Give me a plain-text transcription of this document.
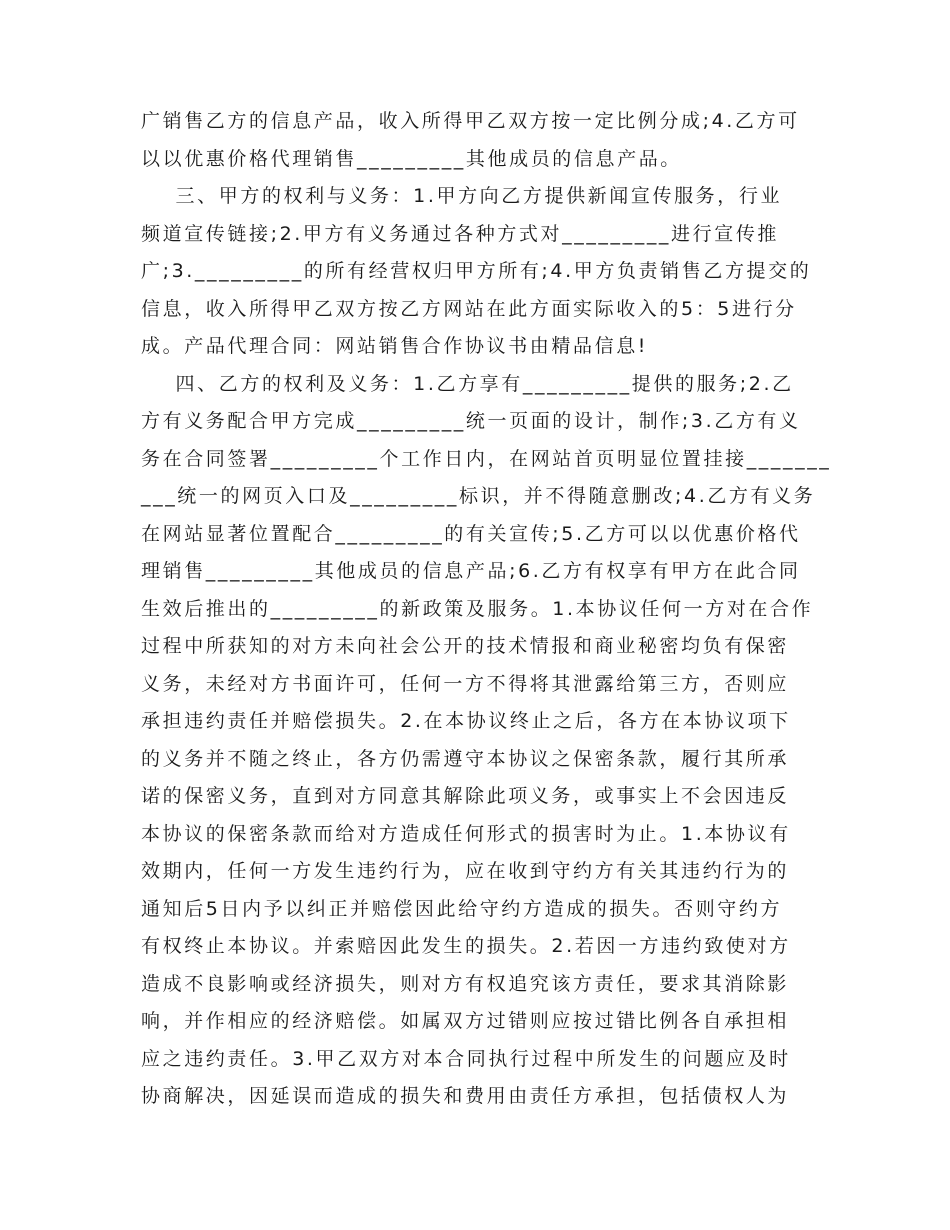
广销售乙方的信息产品，收入所得甲乙双方按一定比例分成;4.乙方可
以以优惠价格代理销售_________其他成员的信息产品。
三、甲方的权利与义务：1.甲方向乙方提供新闻宣传服务，行业
频道宣传链接;2.甲方有义务通过各种方式对_________进行宣传推
广;3._________的所有经营权归甲方所有;4.甲方负责销售乙方提交的
信息，收入所得甲乙双方按乙方网站在此方面实际收入的5：5进行分
成。产品代理合同：网站销售合作协议书由精品信息!
四、乙方的权利及义务：1.乙方享有_________提供的服务;2.乙
方有义务配合甲方完成_________统一页面的设计，制作;3.乙方有义
务在合同签署_________个工作日内，在网站首页明显位置挂接_______
___统一的网页入口及_________标识，并不得随意删改;4.乙方有义务
在网站显著位置配合_________的有关宣传;5.乙方可以以优惠价格代
理销售_________其他成员的信息产品;6.乙方有权享有甲方在此合同
生效后推出的_________的新政策及服务。1.本协议任何一方对在合作
过程中所获知的对方未向社会公开的技术情报和商业秘密均负有保密
义务，未经对方书面许可，任何一方不得将其泄露给第三方，否则应
承担违约责任并赔偿损失。2.在本协议终止之后，各方在本协议项下
的义务并不随之终止，各方仍需遵守本协议之保密条款，履行其所承
诺的保密义务，直到对方同意其解除此项义务，或事实上不会因违反
本协议的保密条款而给对方造成任何形式的损害时为止。1.本协议有
效期内，任何一方发生违约行为，应在收到守约方有关其违约行为的
通知后5日内予以纠正并赔偿因此给守约方造成的损失。否则守约方
有权终止本协议。并索赔因此发生的损失。2.若因一方违约致使对方
造成不良影响或经济损失，则对方有权追究该方责任，要求其消除影
响，并作相应的经济赔偿。如属双方过错则应按过错比例各自承担相
应之违约责任。3.甲乙双方对本合同执行过程中所发生的问题应及时
协商解决，因延误而造成的损失和费用由责任方承担，包括债权人为
